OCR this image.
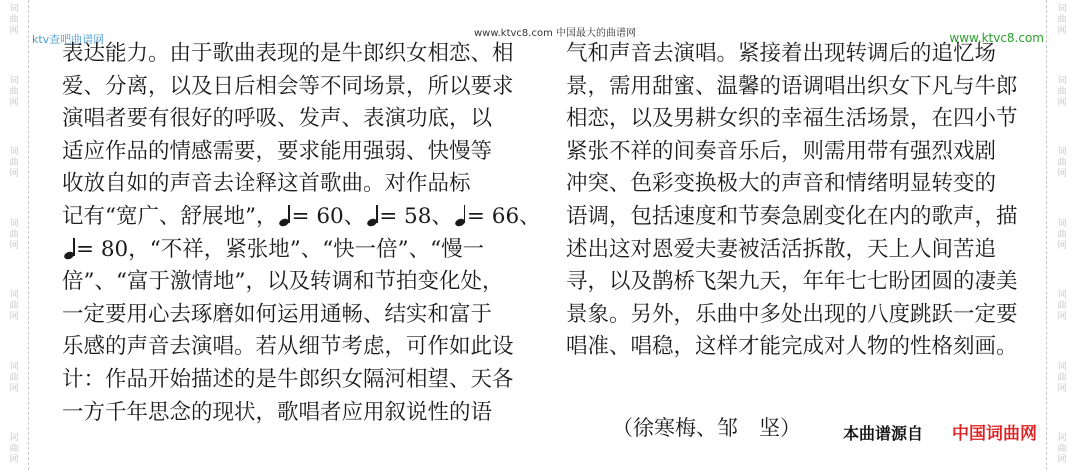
词
曲
网
词
曲
网
词
曲
网
词
曲
网
词
曲
网
词
曲
网
词
曲
网
词
曲
网
词
曲
网
词
曲
网
词
曲
网
词
曲
网
词
曲
网
词
曲
网
ktv查吧曲谱网	www.ktvc8.com 中国最大的曲谱网	www.ktvc8.com
表达能力。由于歌曲表现的是牛郎织女相恋、相
爱、分离，以及日后相会等不同场景，所以要求
演唱者要有很好的呼吸、发声、表演功底，以
适应作品的情感需要，要求能用强弱、快慢等
收放自如的声音去诠释这首歌曲。对作品标
记有“宽广、舒展地”， = 60、 = 58、 = 66、
= 80，“不祥，紧张地”、“快一倍”、“慢一
倍”、“富于激情地”，以及转调和节拍变化处，
一定要用心去琢磨如何运用通畅、结实和富于
乐感的声音去演唱。若从细节考虑，可作如此设
计：作品开始描述的是牛郎织女隔河相望、天各
一方千年思念的现状，歌唱者应用叙说性的语
气和声音去演唱。紧接着出现转调后的追忆场
景，需用甜蜜、温馨的语调唱出织女下凡与牛郎
相恋，以及男耕女织的幸福生活场景，在四小节
紧张不祥的间奏音乐后，则需用带有强烈戏剧
冲突、色彩变换极大的声音和情绪明显转变的
语调，包括速度和节奏急剧变化在内的歌声，描
述出这对恩爱夫妻被活活拆散，天上人间苦追
寻，以及鹊桥飞架九天，年年七七盼团圆的凄美
景象。另外，乐曲中多处出现的八度跳跃一定要
唱准、唱稳，这样才能完成对人物的性格刻画。
（徐寒梅、邹　坚）	本曲谱源自 中国词曲网
